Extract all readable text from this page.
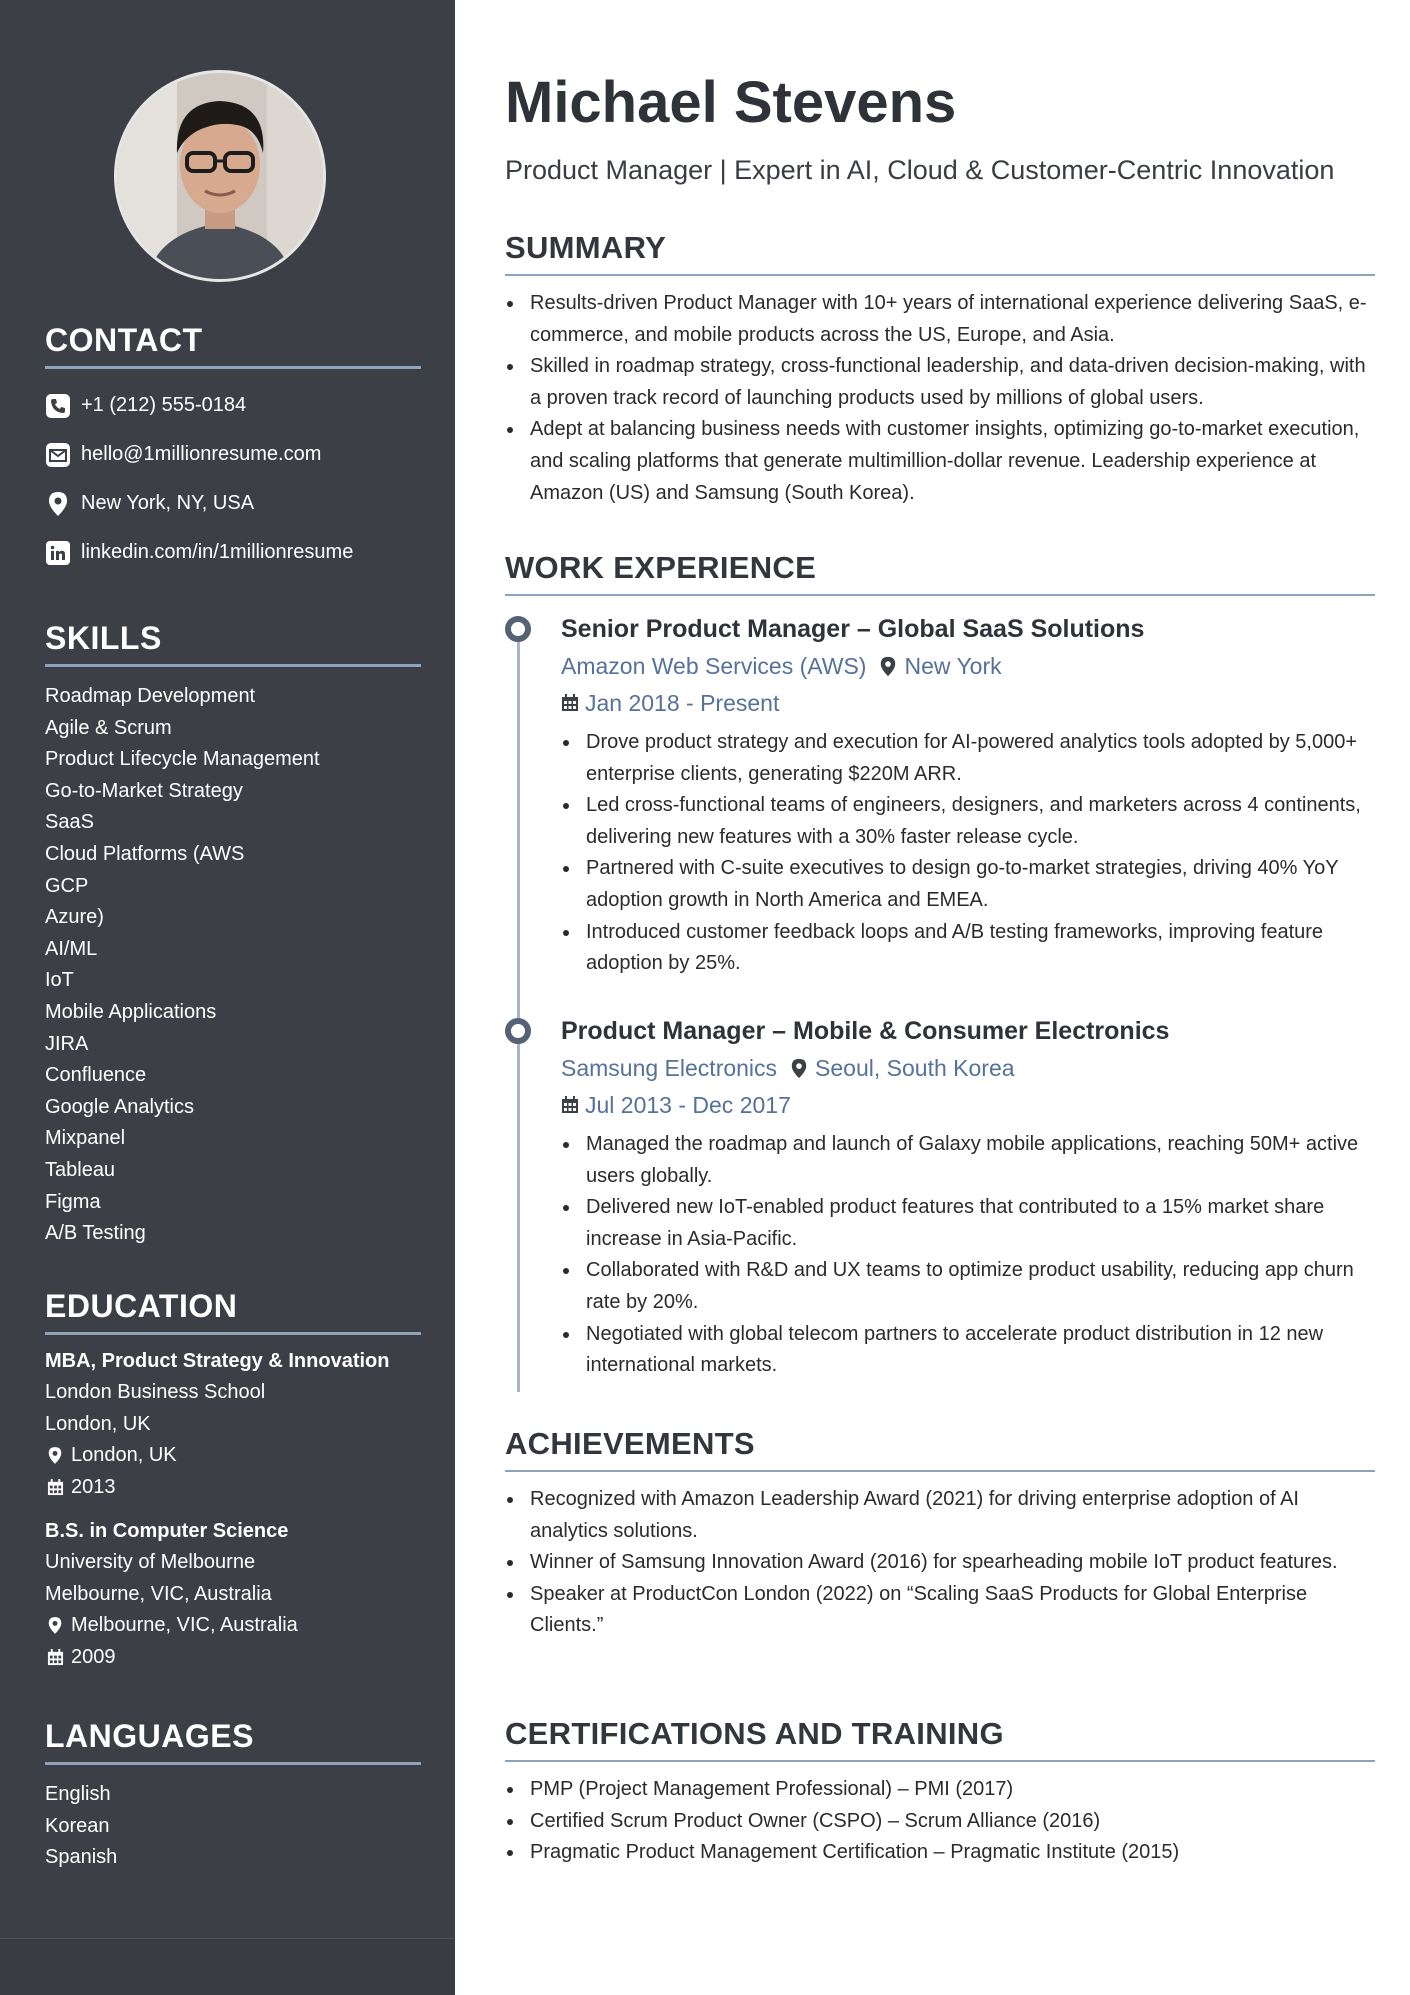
CONTACT
+1 (212) 555-0184
hello@1millionresume.com
New York, NY, USA
linkedin.com/in/1millionresume
SKILLS
Roadmap Development
Agile & Scrum
Product Lifecycle Management
Go-to-Market Strategy
SaaS
Cloud Platforms (AWS
GCP
Azure)
AI/ML
IoT
Mobile Applications
JIRA
Confluence
Google Analytics
Mixpanel
Tableau
Figma
A/B Testing
EDUCATION
MBA, Product Strategy & Innovation
London Business School
London, UK
London, UK
2013
B.S. in Computer Science
University of Melbourne
Melbourne, VIC, Australia
Melbourne, VIC, Australia
2009
LANGUAGES
English
Korean
Spanish
Michael Stevens
Product Manager | Expert in AI, Cloud & Customer-Centric Innovation
SUMMARY
Results-driven Product Manager with 10+ years of international experience delivering SaaS, e-commerce, and mobile products across the US, Europe, and Asia.
Skilled in roadmap strategy, cross-functional leadership, and data-driven decision-making, with a proven track record of launching products used by millions of global users.
Adept at balancing business needs with customer insights, optimizing go-to-market execution, and scaling platforms that generate multimillion-dollar revenue. Leadership experience at Amazon (US) and Samsung (South Korea).
WORK EXPERIENCE
Senior Product Manager – Global SaaS Solutions
Amazon Web Services (AWS) New York
Jan 2018 - Present
Drove product strategy and execution for AI-powered analytics tools adopted by 5,000+ enterprise clients, generating $220M ARR.
Led cross-functional teams of engineers, designers, and marketers across 4 continents, delivering new features with a 30% faster release cycle.
Partnered with C-suite executives to design go-to-market strategies, driving 40% YoY adoption growth in North America and EMEA.
Introduced customer feedback loops and A/B testing frameworks, improving feature adoption by 25%.
Product Manager – Mobile & Consumer Electronics
Samsung Electronics Seoul, South Korea
Jul 2013 - Dec 2017
Managed the roadmap and launch of Galaxy mobile applications, reaching 50M+ active users globally.
Delivered new IoT-enabled product features that contributed to a 15% market share increase in Asia-Pacific.
Collaborated with R&D and UX teams to optimize product usability, reducing app churn rate by 20%.
Negotiated with global telecom partners to accelerate product distribution in 12 new international markets.
ACHIEVEMENTS
Recognized with Amazon Leadership Award (2021) for driving enterprise adoption of AI analytics solutions.
Winner of Samsung Innovation Award (2016) for spearheading mobile IoT product features.
Speaker at ProductCon London (2022) on “Scaling SaaS Products for Global Enterprise Clients.”
CERTIFICATIONS AND TRAINING
PMP (Project Management Professional) – PMI (2017)
Certified Scrum Product Owner (CSPO) – Scrum Alliance (2016)
Pragmatic Product Management Certification – Pragmatic Institute (2015)
